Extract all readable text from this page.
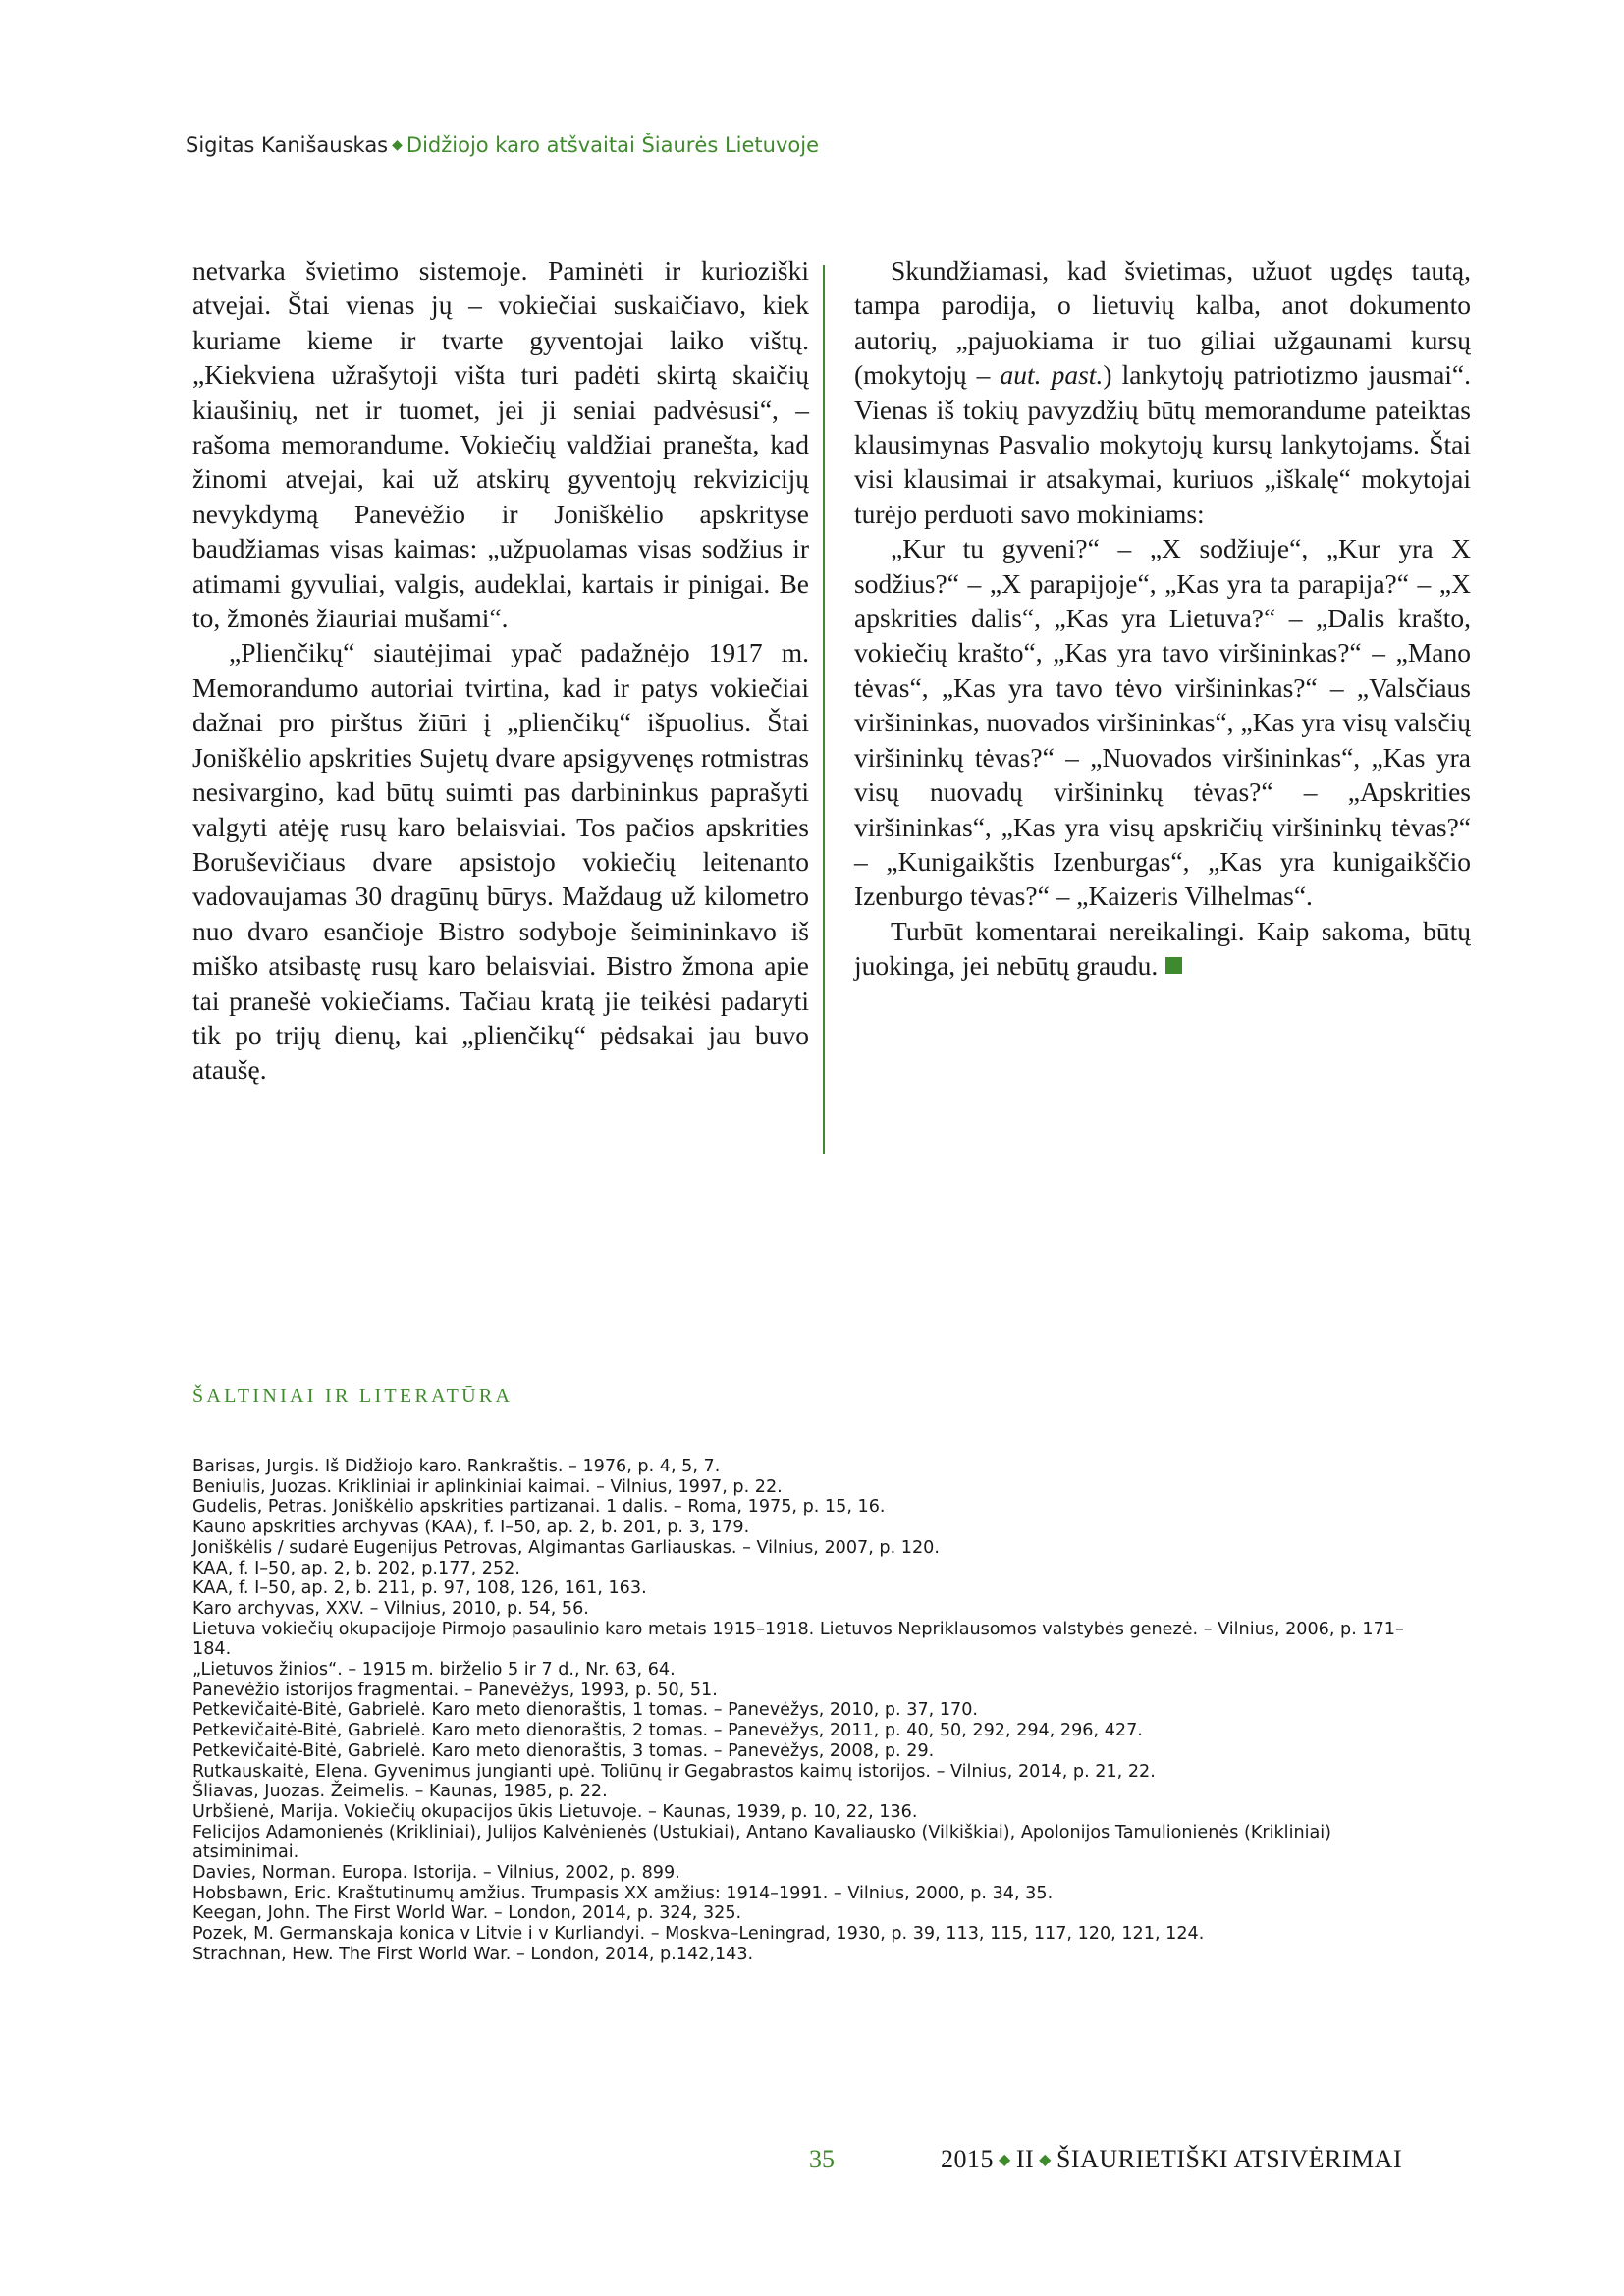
Sigitas Kanišauskas ◆ Didžiojo karo atšvaitai Šiaurės Lietuvoje

netvarka švietimo sistemoje. Paminėti ir kurioziški atvejai. Štai vienas jų – vokiečiai suskaičiavo, kiek kuriame kieme ir tvarte gyventojai laiko vištų. „Kiekviena užrašytoji višta turi padėti skirtą skaičių kiaušinių, net ir tuomet, jei ji seniai padvėsusi“, – rašoma memorandume. Vokiečių valdžiai pranešta, kad žinomi atvejai, kai už atskirų gyventojų rekvizicijų nevykdymą Panevėžio ir Joniškėlio apskrityse baudžiamas visas kaimas: „užpuolamas visas sodžius ir atimami gyvuliai, valgis, audeklai, kartais ir pinigai. Be to, žmonės žiauriai mušami“.

„Plienčikų“ siautėjimai ypač padažnėjo 1917 m. Memorandumo autoriai tvirtina, kad ir patys vokiečiai dažnai pro pirštus žiūri į „plienčikų“ išpuolius. Štai Joniškėlio apskrities Sujetų dvare apsigyvenęs rotmistras nesivargino, kad būtų suimti pas darbininkus paprašyti valgyti atėję rusų karo belaisviai. Tos pačios apskrities Boruševičiaus dvare apsistojo vokiečių leitenanto vadovaujamas 30 dragūnų būrys. Maždaug už kilometro nuo dvaro esančioje Bistro sodyboje šeimininkavo iš miško atsibastę rusų karo belaisviai. Bistro žmona apie tai pranešė vokiečiams. Tačiau kratą jie teikėsi padaryti tik po trijų dienų, kai „plienčikų“ pėdsakai jau buvo ataušę.

Skundžiamasi, kad švietimas, užuot ugdęs tautą, tampa parodija, o lietuvių kalba, anot dokumento autorių, „pajuokiama ir tuo giliai užgaunami kursų (mokytojų – aut. past.) lankytojų patriotizmo jausmai“. Vienas iš tokių pavyzdžių būtų memorandume pateiktas klausimynas Pasvalio mokytojų kursų lankytojams. Štai visi klausimai ir atsakymai, kuriuos „iškalę“ mokytojai turėjo perduoti savo mokiniams:

„Kur tu gyveni?“ – „X sodžiuje“, „Kur yra X sodžius?“ – „X parapijoje“, „Kas yra ta parapija?“ – „X apskrities dalis“, „Kas yra Lietuva?“ – „Dalis krašto, vokiečių krašto“, „Kas yra tavo viršininkas?“ – „Mano tėvas“, „Kas yra tavo tėvo viršininkas?“ – „Valsčiaus viršininkas, nuovados viršininkas“, „Kas yra visų valsčių viršininkų tėvas?“ – „Nuovados viršininkas“, „Kas yra visų nuovadų viršininkų tėvas?“ – „Apskrities viršininkas“, „Kas yra visų apskričių viršininkų tėvas?“ – „Kunigaikštis Izenburgas“, „Kas yra kunigaikščio Izenburgo tėvas?“ – „Kaizeris Vilhelmas“.

Turbūt komentarai nereikalingi. Kaip sakoma, būtų juokinga, jei nebūtų graudu.

ŠALTINIAI IR LITERATŪRA
Barisas, Jurgis. Iš Didžiojo karo. Rankraštis. – 1976, p. 4, 5, 7.
Beniulis, Juozas. Krikliniai ir aplinkiniai kaimai. – Vilnius, 1997, p. 22.
Gudelis, Petras. Joniškėlio apskrities partizanai. 1 dalis. – Roma, 1975, p. 15, 16.
Kauno apskrities archyvas (KAA), f. I–50, ap. 2, b. 201, p. 3, 179.
Joniškėlis / sudarė Eugenijus Petrovas, Algimantas Garliauskas. – Vilnius, 2007, p. 120.
KAA, f. I–50, ap. 2, b. 202, p.177, 252.
KAA, f. I–50, ap. 2, b. 211, p. 97, 108, 126, 161, 163.
Karo archyvas, XXV. – Vilnius, 2010, p. 54, 56.
Lietuva vokiečių okupacijoje Pirmojo pasaulinio karo metais 1915–1918. Lietuvos Nepriklausomos valstybės genezė. – Vilnius, 2006, p. 171–184.
„Lietuvos žinios“. – 1915 m. birželio 5 ir 7 d., Nr. 63, 64.
Panevėžio istorijos fragmentai. – Panevėžys, 1993, p. 50, 51.
Petkevičaitė-Bitė, Gabrielė. Karo meto dienoraštis, 1 tomas. – Panevėžys, 2010, p. 37, 170.
Petkevičaitė-Bitė, Gabrielė. Karo meto dienoraštis, 2 tomas. – Panevėžys, 2011, p. 40, 50, 292, 294, 296, 427.
Petkevičaitė-Bitė, Gabrielė. Karo meto dienoraštis, 3 tomas. – Panevėžys, 2008, p. 29.
Rutkauskaitė, Elena. Gyvenimus jungianti upė. Toliūnų ir Gegabrastos kaimų istorijos. – Vilnius, 2014, p. 21, 22.
Šliavas, Juozas. Žeimelis. – Kaunas, 1985, p. 22.
Urbšienė, Marija. Vokiečių okupacijos ūkis Lietuvoje. – Kaunas, 1939, p. 10, 22, 136.
Felicijos Adamonienės (Krikliniai), Julijos Kalvėnienės (Ustukiai), Antano Kavaliausko (Vilkiškiai), Apolonijos Tamulionienės (Krikliniai) atsiminimai.
Davies, Norman. Europa. Istorija. – Vilnius, 2002, p. 899.
Hobsbawn, Eric. Kraštutinumų amžius. Trumpasis XX amžius: 1914–1991. – Vilnius, 2000, p. 34, 35.
Keegan, John. The First World War. – London, 2014, p. 324, 325.
Pozek, M. Germanskaja konica v Litvie i v Kurliandyi. – Moskva–Leningrad, 1930, p. 39, 113, 115, 117, 120, 121, 124.
Strachnan, Hew. The First World War. – London, 2014, p.142,143.
35	2015 ◆ II ◆ ŠIAURIETIŠKI ATSIVĖRIMAI
